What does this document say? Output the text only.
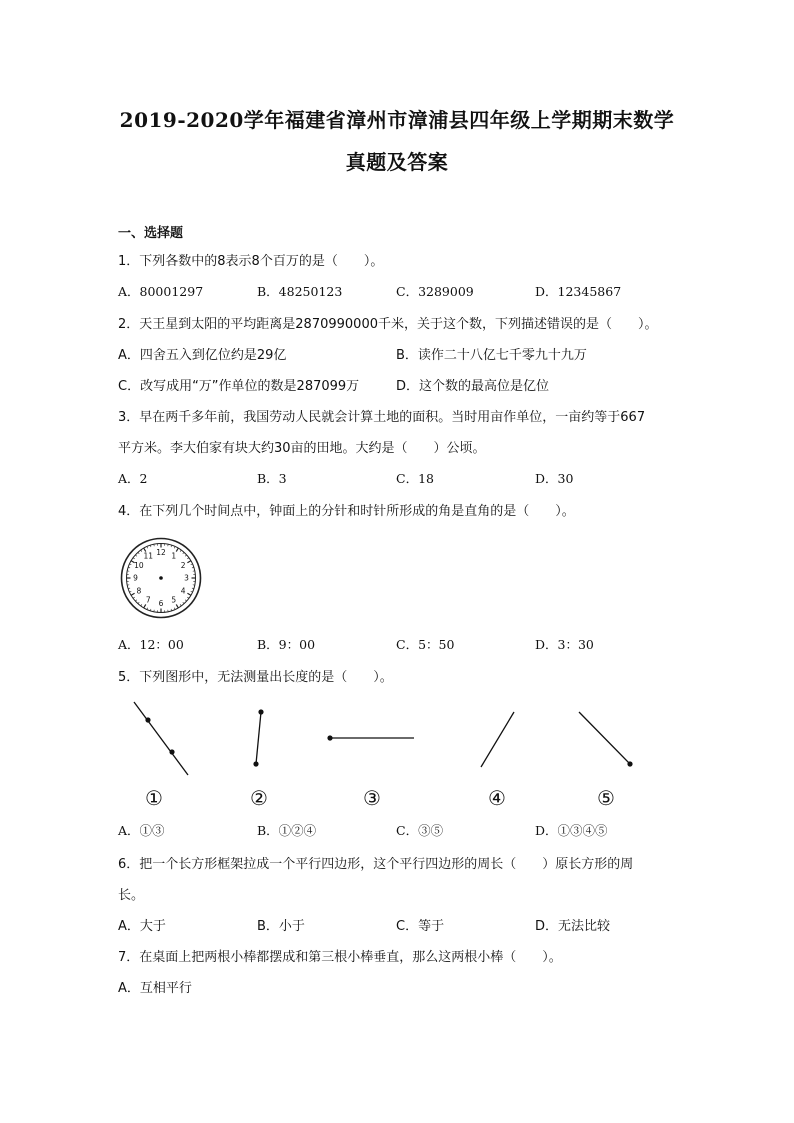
2019-2020学年福建省漳州市漳浦县四年级上学期期末数学
真题及答案
一、选择题
1．下列各数中的8表示8个百万的是（　　）。
A．80001297	B．48250123	C．3289009	D．12345867
2．天王星到太阳的平均距离是2870990000千米，关于这个数，下列描述错误的是（　　）。
A．四舍五入到亿位约是29亿	B．读作二十八亿七千零九十九万
C．改写成用“万”作单位的数是287099万	D．这个数的最高位是亿位
3．早在两千多年前，我国劳动人民就会计算土地的面积。当时用亩作单位，一亩约等于667
平方米。李大伯家有块大约30亩的田地。大约是（　　）公顷。
A．2	B．3	C．18	D．30
4．在下列几个时间点中，钟面上的分针和时针所形成的角是直角的是（　　）。
12 1
2
3
4
5
6
7
8
9
10
11
A．12：00	B．9：00	C．5：50	D．3：30
5．下列图形中，无法测量出长度的是（　　）。
①	②	③	④	⑤
A．①③	B．①②④	C．③⑤	D．①③④⑤
6．把一个长方形框架拉成一个平行四边形，这个平行四边形的周长（　　）原长方形的周
长。
A．大于	B．小于	C．等于	D．无法比较
7．在桌面上把两根小棒都摆成和第三根小棒垂直，那么这两根小棒（　　）。
A．互相平行
